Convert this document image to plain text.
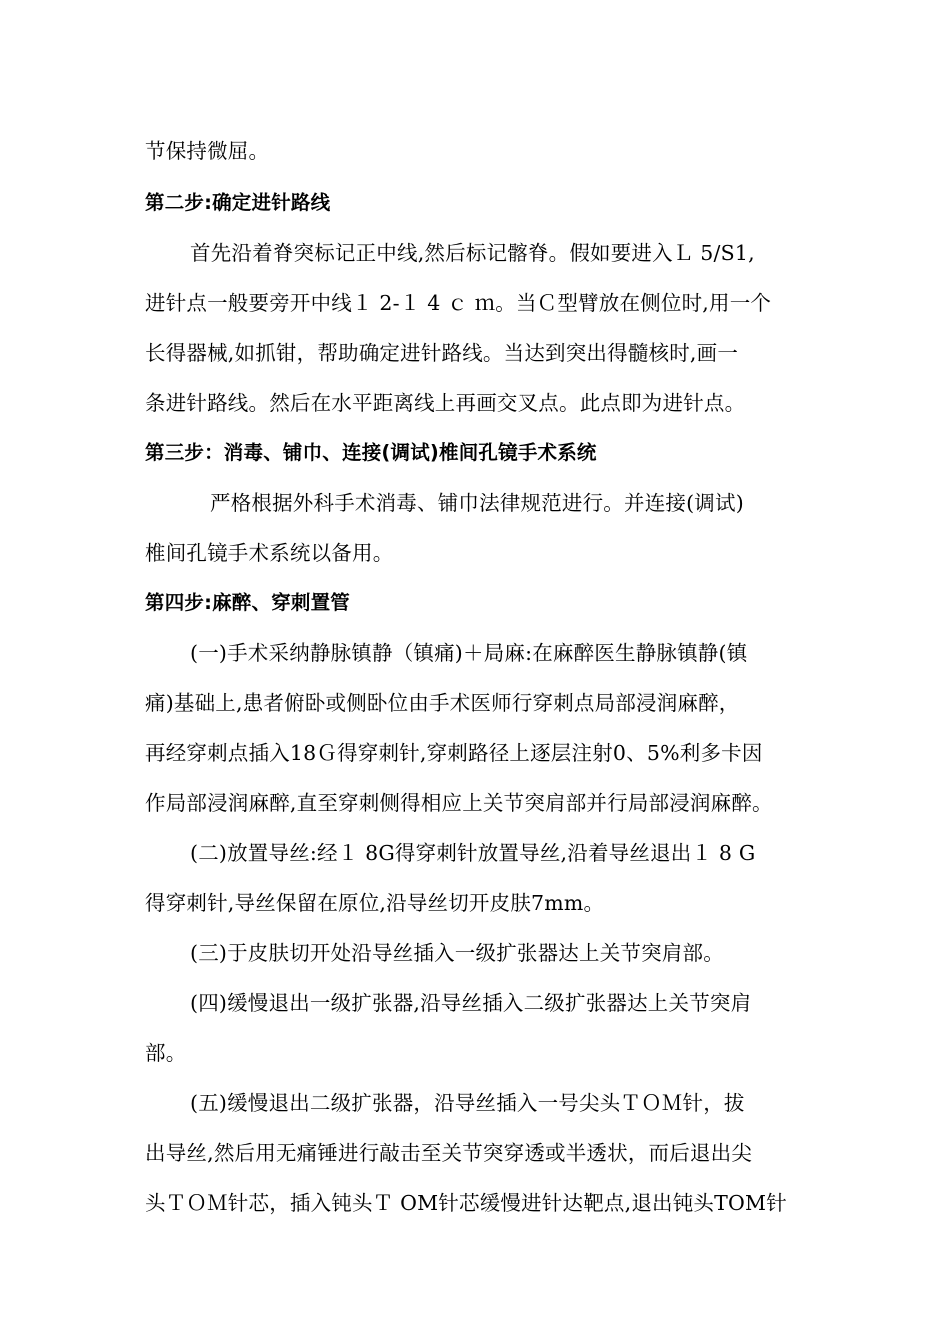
节保持微屈。
第二步:确定进针路线
首先沿着脊突标记正中线,然后标记髂脊。假如要进入Ｌ 5/S1,
进针点一般要旁开中线１ 2-１ 4 ｃ ｍ。当Ｃ型臂放在侧位时,用一个
长得器械,如抓钳，帮助确定进针路线。当达到突出得髓核时,画一
条进针路线。然后在水平距离线上再画交叉点。此点即为进针点。
第三步：消毒、铺巾、连接(调试)椎间孔镜手术系统
严格根据外科手术消毒、铺巾法律规范进行。并连接(调试)
椎间孔镜手术系统以备用。
第四步:麻醉、穿刺置管
(一)手术采纳静脉镇静（镇痛)＋局麻:在麻醉医生静脉镇静(镇
痛)基础上,患者俯卧或侧卧位由手术医师行穿刺点局部浸润麻醉，
再经穿刺点插入18Ｇ得穿刺针,穿刺路径上逐层注射0、5%利多卡因
作局部浸润麻醉,直至穿刺侧得相应上关节突肩部并行局部浸润麻醉。
(二)放置导丝:经１ 8G得穿刺针放置导丝,沿着导丝退出１ 8 G
得穿刺针,导丝保留在原位,沿导丝切开皮肤7mm。
(三)于皮肤切开处沿导丝插入一级扩张器达上关节突肩部。
(四)缓慢退出一级扩张器,沿导丝插入二级扩张器达上关节突肩
部。
(五)缓慢退出二级扩张器，沿导丝插入一号尖头ＴＯＭ针，拔
出导丝,然后用无痛锤进行敲击至关节突穿透或半透状，而后退出尖
头ＴＯＭ针芯，插入钝头Ｔ OM针芯缓慢进针达靶点,退出钝头TOM针
